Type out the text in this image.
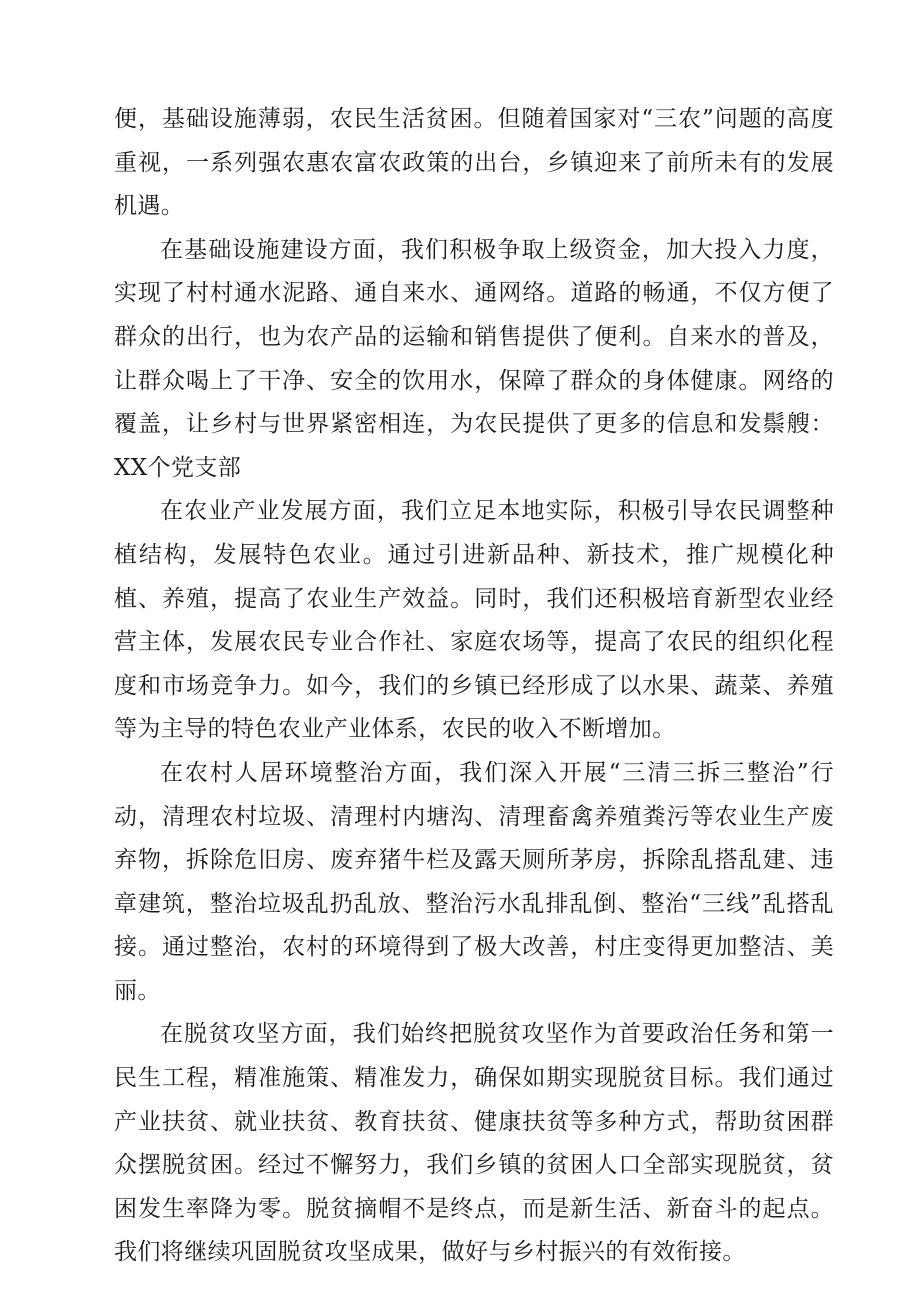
便，基础设施薄弱，农民生活贫困。但随着国家对“三农”问题的高度重视，一系列强农惠农富农政策的出台，乡镇迎来了前所未有的发展机遇。

在基础设施建设方面，我们积极争取上级资金，加大投入力度，实现了村村通水泥路、通自来水、通网络。道路的畅通，不仅方便了群众的出行，也为农产品的运输和销售提供了便利。自来水的普及，让群众喝上了干净、安全的饮用水，保障了群众的身体健康。网络的覆盖，让乡村与世界紧密相连，为农民提供了更多的信息和发鬃艘：XX个党支部

在农业产业发展方面，我们立足本地实际，积极引导农民调整种植结构，发展特色农业。通过引进新品种、新技术，推广规模化种植、养殖，提高了农业生产效益。同时，我们还积极培育新型农业经营主体，发展农民专业合作社、家庭农场等，提高了农民的组织化程度和市场竞争力。如今，我们的乡镇已经形成了以水果、蔬菜、养殖等为主导的特色农业产业体系，农民的收入不断增加。

在农村人居环境整治方面，我们深入开展“三清三拆三整治”行动，清理农村垃圾、清理村内塘沟、清理畜禽养殖粪污等农业生产废弃物，拆除危旧房、废弃猪牛栏及露天厕所茅房，拆除乱搭乱建、违章建筑，整治垃圾乱扔乱放、整治污水乱排乱倒、整治“三线”乱搭乱接。通过整治，农村的环境得到了极大改善，村庄变得更加整洁、美丽。

在脱贫攻坚方面，我们始终把脱贫攻坚作为首要政治任务和第一民生工程，精准施策、精准发力，确保如期实现脱贫目标。我们通过产业扶贫、就业扶贫、教育扶贫、健康扶贫等多种方式，帮助贫困群众摆脱贫困。经过不懈努力，我们乡镇的贫困人口全部实现脱贫，贫困发生率降为零。脱贫摘帽不是终点，而是新生活、新奋斗的起点。我们将继续巩固脱贫攻坚成果，做好与乡村振兴的有效衔接。
